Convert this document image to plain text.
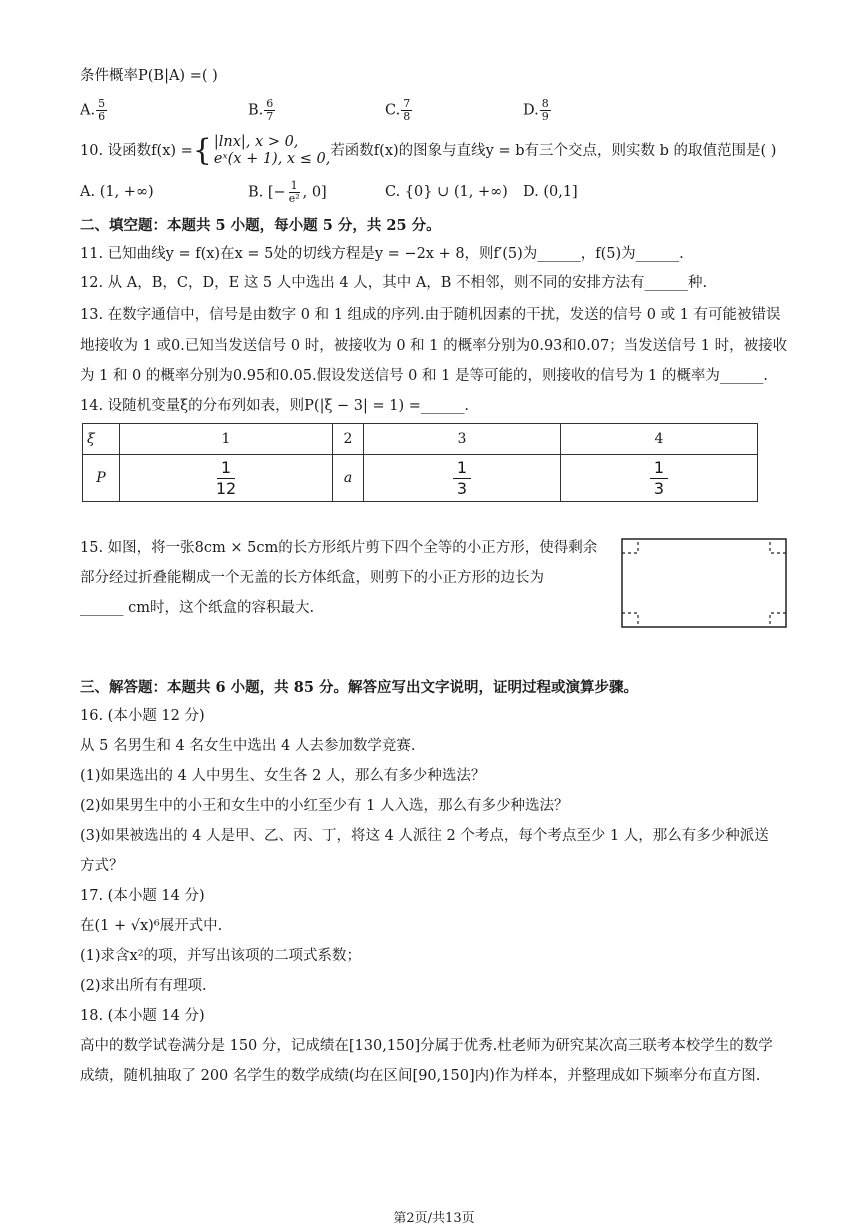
条件概率P(B|A) =( )
A. $\frac{5}{6}$	B. $\frac{6}{7}$	C. $\frac{7}{8}$	D. $\frac{8}{9}$
10. 设函数f(x) ={ |lnx|, x > 0,
eˣ(x + 1), x ≤ 0, 若函数f(x)的图象与直线y = b有三个交点，则实数 b 的取值范围是( )
A. (1, +∞)	B. [− $\frac{1}{\text{e²}}$ , 0]	C. {0} ∪ (1, +∞) D. (0,1]
二、填空题：本题共 5 小题，每小题 5 分，共 25 分。
11. 已知曲线y = f(x)在x = 5处的切线方程是y = −2x + 8，则f′(5)为______，f(5)为______.
12. 从 A，B，C，D，E 这 5 人中选出 4 人，其中 A，B 不相邻，则不同的安排方法有______种.
13. 在数字通信中，信号是由数字 0 和 1 组成的序列.由于随机因素的干扰，发送的信号 0 或 1 有可能被错误
地接收为 1 或0.已知当发送信号 0 时，被接收为 0 和 1 的概率分别为0.93和0.07；当发送信号 1 时，被接收
为 1 和 0 的概率分别为0.95和0.05.假设发送信号 0 和 1 是等可能的，则接收的信号为 1 的概率为______.
14. 设随机变量ξ的分布列如表，则P(|ξ − 3| = 1) =______.
ξ	1	2	3	4
P	$\frac{1}{12}$	a	$\frac{1}{3}$	$\frac{1}{3}$
15. 如图，将一张8cm × 5cm的长方形纸片剪下四个全等的小正方形，使得剩余
部分经过折叠能糊成一个无盖的长方体纸盒，则剪下的小正方形的边长为
______ cm时，这个纸盒的容积最大.
三、解答题：本题共 6 小题，共 85 分。解答应写出文字说明，证明过程或演算步骤。
16. (本小题 12 分)
从 5 名男生和 4 名女生中选出 4 人去参加数学竞赛.
(1)如果选出的 4 人中男生、女生各 2 人，那么有多少种选法？
(2)如果男生中的小王和女生中的小红至少有 1 人入选，那么有多少种选法？
(3)如果被选出的 4 人是甲、乙、丙、丁，将这 4 人派往 2 个考点，每个考点至少 1 人，那么有多少种派送
方式？
17. (本小题 14 分)
在(1 + √x)⁶展开式中.
(1)求含x²的项，并写出该项的二项式系数；
(2)求出所有有理项.
18. (本小题 14 分)
高中的数学试卷满分是 150 分，记成绩在[130,150]分属于优秀.杜老师为研究某次高三联考本校学生的数学
成绩，随机抽取了 200 名学生的数学成绩(均在区间[90,150]内)作为样本，并整理成如下频率分布直方图.
第2页/共13页
